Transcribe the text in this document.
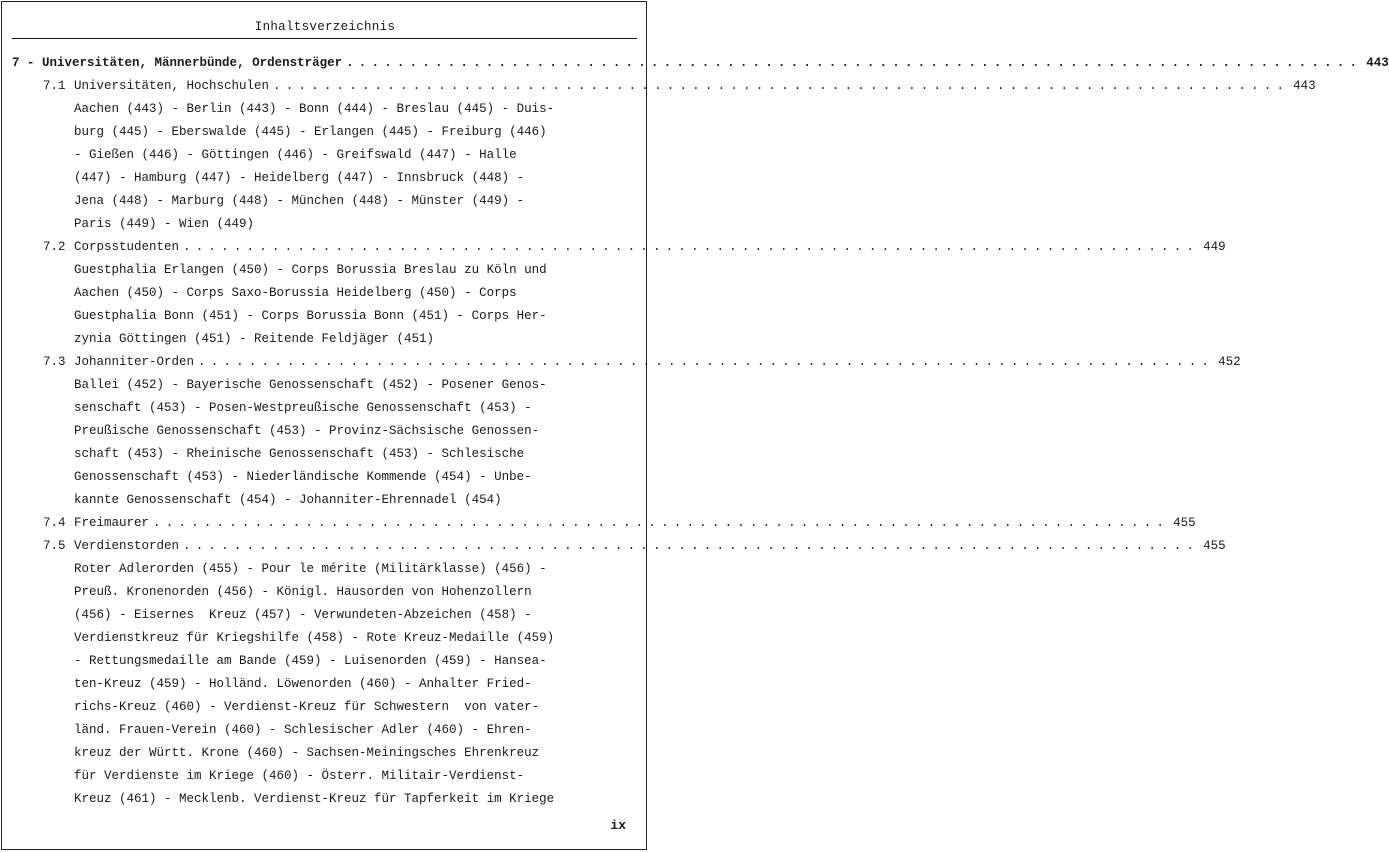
Inhaltsverzeichnis
7 - Universitäten, Männerbünde, Ordensträger ................................................................................ 443
7.1 Universitäten, Hochschulen ................................................................................ 443
Aachen (443) - Berlin (443) - Bonn (444) - Breslau (445) - Duis-
burg (445) - Eberswalde (445) - Erlangen (445) - Freiburg (446)
- Gießen (446) - Göttingen (446) - Greifswald (447) - Halle
(447) - Hamburg (447) - Heidelberg (447) - Innsbruck (448) -
Jena (448) - Marburg (448) - München (448) - Münster (449) -
Paris (449) - Wien (449)
7.2 Corpsstudenten ................................................................................ 449
Guestphalia Erlangen (450) - Corps Borussia Breslau zu Köln und
Aachen (450) - Corps Saxo-Borussia Heidelberg (450) - Corps
Guestphalia Bonn (451) - Corps Borussia Bonn (451) - Corps Her-
zynia Göttingen (451) - Reitende Feldjäger (451)
7.3 Johanniter-Orden ................................................................................ 452
Ballei (452) - Bayerische Genossenschaft (452) - Posener Genos-
senschaft (453) - Posen-Westpreußische Genossenschaft (453) -
Preußische Genossenschaft (453) - Provinz-Sächsische Genossen-
schaft (453) - Rheinische Genossenschaft (453) - Schlesische
Genossenschaft (453) - Niederländische Kommende (454) - Unbe-
kannte Genossenschaft (454) - Johanniter-Ehrennadel (454)
7.4 Freimaurer ................................................................................ 455
7.5 Verdienstorden ................................................................................ 455
Roter Adlerorden (455) - Pour le mérite (Militärklasse) (456) -
Preuß. Kronenorden (456) - Königl. Hausorden von Hohenzollern
(456) - Eisernes  Kreuz (457) - Verwundeten-Abzeichen (458) -
Verdienstkreuz für Kriegshilfe (458) - Rote Kreuz-Medaille (459)
- Rettungsmedaille am Bande (459) - Luisenorden (459) - Hansea-
ten-Kreuz (459) - Holländ. Löwenorden (460) - Anhalter Fried-
richs-Kreuz (460) - Verdienst-Kreuz für Schwestern  von vater-
länd. Frauen-Verein (460) - Schlesischer Adler (460) - Ehren-
kreuz der Württ. Krone (460) - Sachsen-Meiningsches Ehrenkreuz
für Verdienste im Kriege (460) - Österr. Militair-Verdienst-
Kreuz (461) - Mecklenb. Verdienst-Kreuz für Tapferkeit im Kriege
ix
